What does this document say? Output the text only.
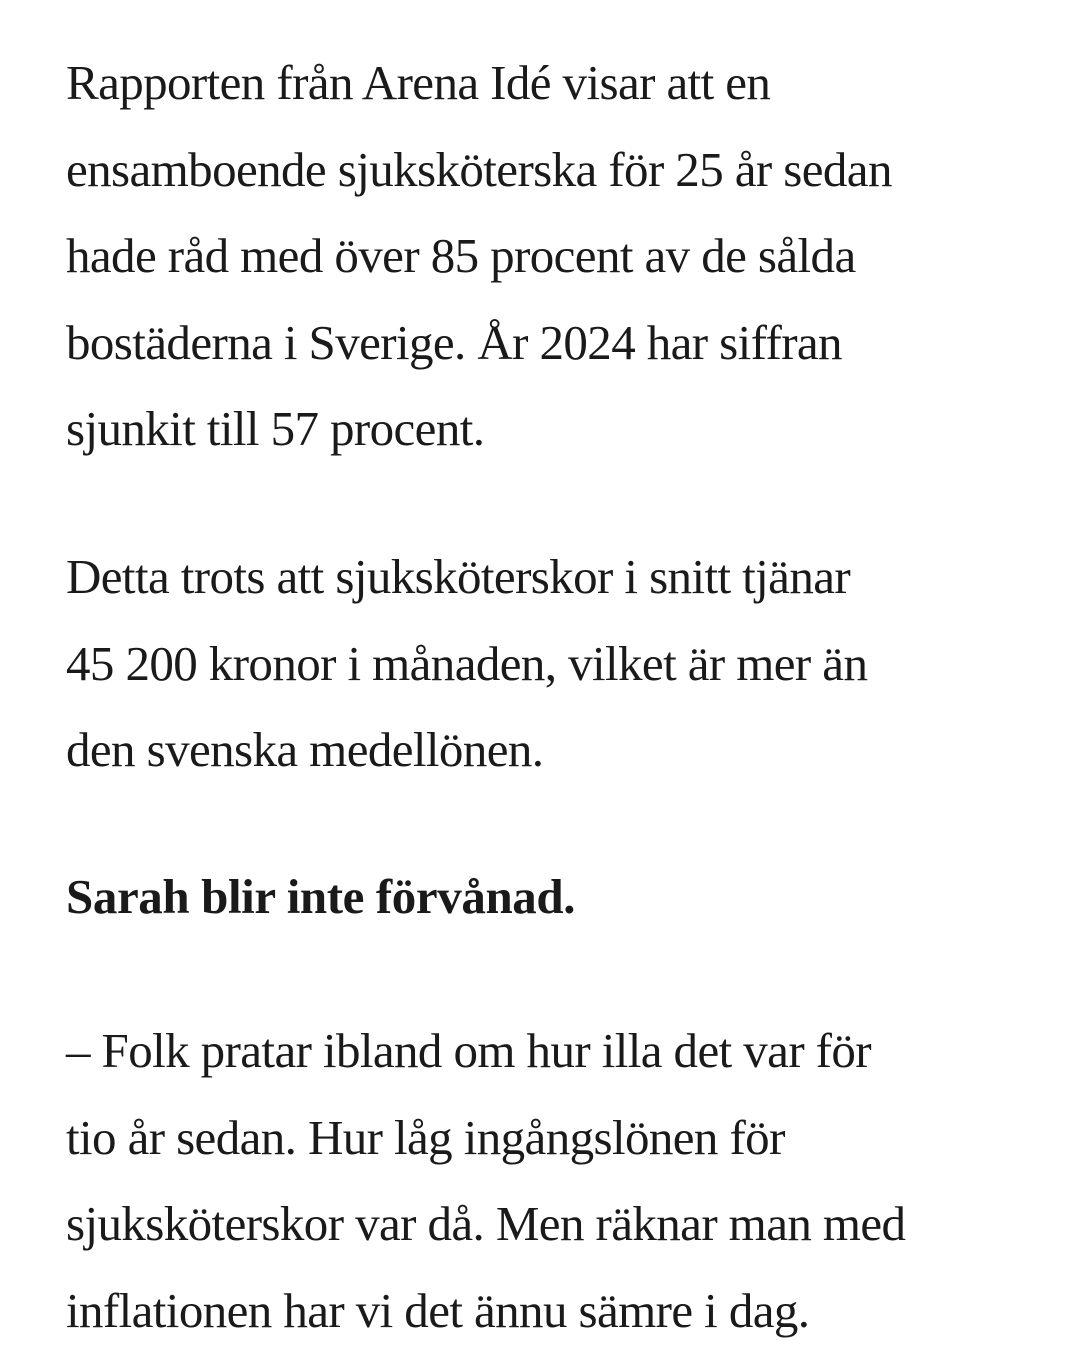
Rapporten från Arena Idé visar att en
ensamboende sjuksköterska för 25 år sedan
hade råd med över 85 procent av de sålda
bostäderna i Sverige. År 2024 har siffran
sjunkit till 57 procent.

Detta trots att sjuksköterskor i snitt tjänar
45 200 kronor i månaden, vilket är mer än
den svenska medellönen.

Sarah blir inte förvånad.

– Folk pratar ibland om hur illa det var för
tio år sedan. Hur låg ingångslönen för
sjuksköterskor var då. Men räknar man med
inflationen har vi det ännu sämre i dag.
